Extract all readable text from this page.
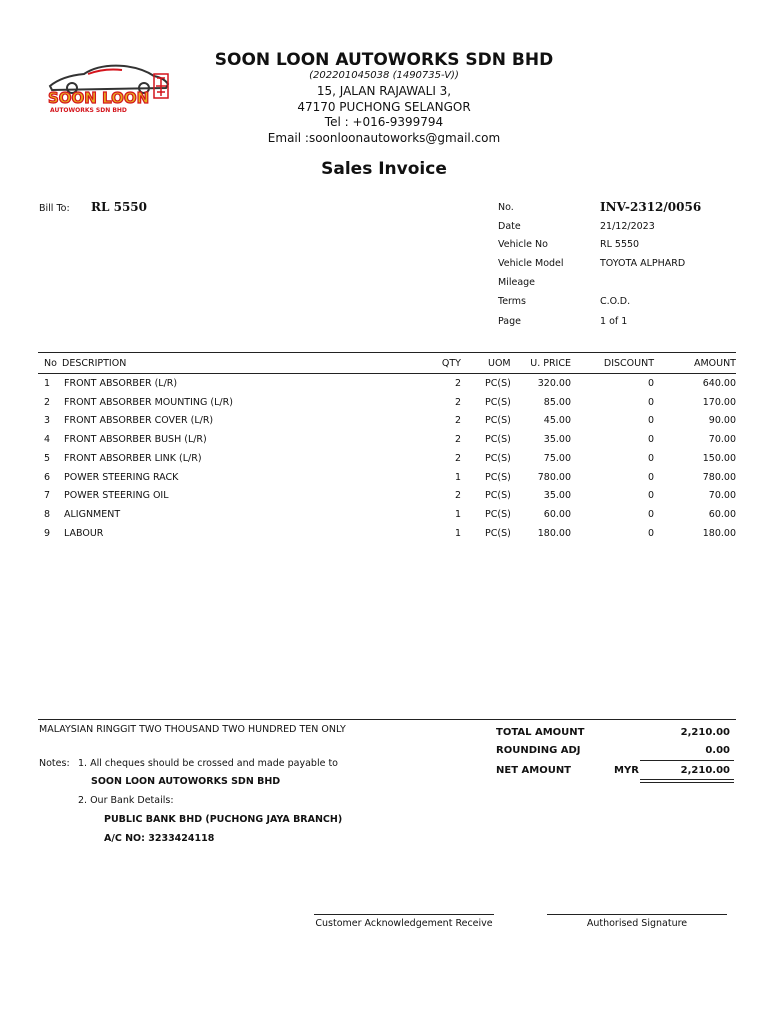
SOON LOON
AUTOWORKS SDN BHD
SOON LOON AUTOWORKS SDN BHD
(202201045038 (1490735-V))
15, JALAN RAJAWALI 3,
47170 PUCHONG SELANGOR
Tel : +016-9399794
Email :soonloonautoworks@gmail.com
Sales Invoice
Bill To: RL 5550	No.	INV-2312/0056
Date	21/12/2023
Vehicle No	RL 5550
Vehicle Model	TOYOTA ALPHARD
Mileage
Terms	C.O.D.
Page	1 of 1
No DESCRIPTION	QTY	UOM U. PRICE	DISCOUNT	AMOUNT
1 FRONT ABSORBER (L/R)	2	PC(S)	320.00	0	640.00
2 FRONT ABSORBER MOUNTING (L/R)	2	PC(S)	85.00	0	170.00
3 FRONT ABSORBER COVER (L/R)	2	PC(S)	45.00	0	90.00
4 FRONT ABSORBER BUSH (L/R)	2	PC(S)	35.00	0	70.00
5 FRONT ABSORBER LINK (L/R)	2	PC(S)	75.00	0	150.00
6 POWER STEERING RACK	1	PC(S)	780.00	0	780.00
7 POWER STEERING OIL	2	PC(S)	35.00	0	70.00
8 ALIGNMENT	1	PC(S)	60.00	0	60.00
9 LABOUR	1	PC(S)	180.00	0	180.00
MALAYSIAN RINGGIT TWO THOUSAND TWO HUNDRED TEN ONLY	TOTAL AMOUNT	2,210.00
ROUNDING ADJ	0.00
NET AMOUNT	MYR	2,210.00
Notes: 1. All cheques should be crossed and made payable to
SOON LOON AUTOWORKS SDN BHD
2. Our Bank Details:
PUBLIC BANK BHD (PUCHONG JAYA BRANCH)
A/C NO: 3233424118
Customer Acknowledgement Receive	Authorised Signature
